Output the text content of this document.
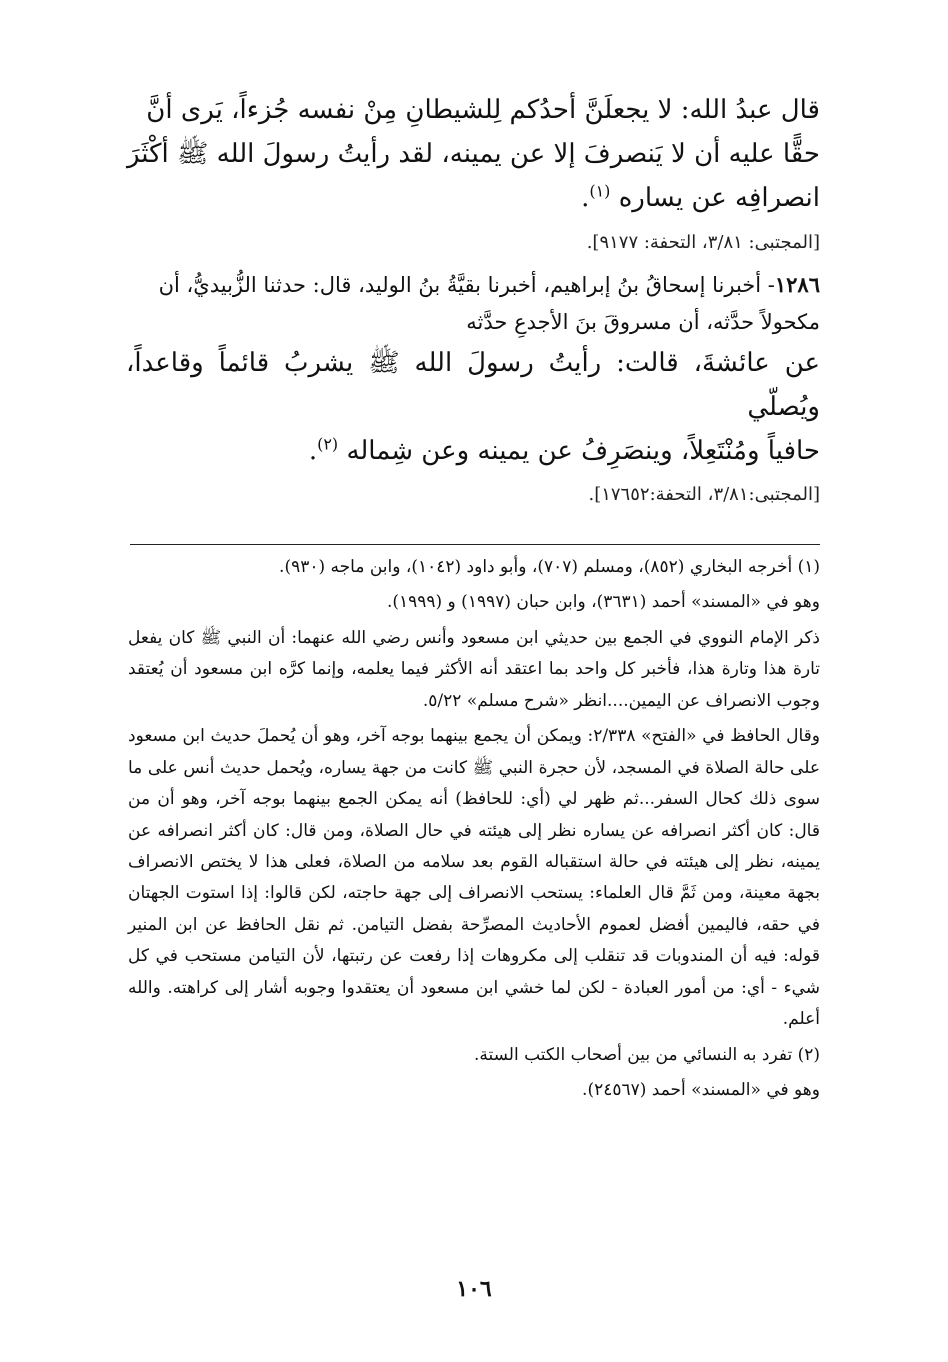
قال عبدُ الله: لا يجعلَنَّ أحدُكم لِلشيطانِ مِنْ نفسه جُزءاً، يَرى أنَّ

حقًّا عليه أن لا يَنصرفَ إلا عن يمينه، لقد رأيتُ رسولَ الله ﷺ أكْثَرَ

انصرافِه عن يساره $^{(١)}$.

[المجتبى: ٣/٨١، التحفة: ٩١٧٧].

١٢٨٦- أخبرنا إسحاقُ بنُ إبراهيم، أخبرنا بقيَّةُ بنُ الوليد، قال: حدثنا الزُّبيديُّ، أن

مكحولاً حدَّثه، أن مسروقَ بنَ الأجدعِ حدَّثه

عن عائشةَ، قالت: رأيتُ رسولَ الله ﷺ يشربُ قائماً وقاعداً، ويُصلّي

حافياً ومُنْتَعِلاً، وينصَرِفُ عن يمينه وعن شِماله $^{(٢)}$.

[المجتبى:٣/٨١، التحفة:١٧٦٥٢].

(١) أخرجه البخاري (٨٥٢)، ومسلم (٧٠٧)، وأبو داود (١٠٤٢)، وابن ماجه (٩٣٠).

وهو في «المسند» أحمد (٣٦٣١)، وابن حبان (١٩٩٧) و (١٩٩٩).

ذكر الإمام النووي في الجمع بين حديثي ابن مسعود وأنس رضي الله عنهما: أن النبي ﷺ كان يفعل تارة هذا وتارة هذا، فأخبر كل واحد بما اعتقد أنه الأكثر فيما يعلمه، وإنما كرَّه ابن مسعود أن يُعتقد وجوب الانصراف عن اليمين....انظر «شرح مسلم» ٥/٢٢.

وقال الحافظ في «الفتح» ٢/٣٣٨: ويمكن أن يجمع بينهما بوجه آخر، وهو أن يُحملَ حديث ابن مسعود على حالة الصلاة في المسجد، لأن حجرة النبي ﷺ كانت من جهة يساره، ويُحمل حديث أنس على ما سوى ذلك كحال السفر...ثم ظهر لي (أي: للحافظ) أنه يمكن الجمع بينهما بوجه آخر، وهو أن من قال: كان أكثر انصرافه عن يساره نظر إلى هيئته في حال الصلاة، ومن قال: كان أكثر انصرافه عن يمينه، نظر إلى هيئته في حالة استقباله القوم بعد سلامه من الصلاة، فعلى هذا لا يختص الانصراف بجهة معينة، ومن ثَمَّ قال العلماء: يستحب الانصراف إلى جهة حاجته، لكن قالوا: إذا استوت الجهتان في حقه، فاليمين أفضل لعموم الأحاديث المصرِّحة بفضل التيامن. ثم نقل الحافظ عن ابن المنير قوله: فيه أن المندوبات قد تنقلب إلى مكروهات إذا رفعت عن رتبتها، لأن التيامن مستحب في كل شيء - أي: من أمور العبادة - لكن لما خشي ابن مسعود أن يعتقدوا وجوبه أشار إلى كراهته. والله أعلم.

(٢) تفرد به النسائي من بين أصحاب الكتب الستة.

وهو في «المسند» أحمد (٢٤٥٦٧).

١٠٦
